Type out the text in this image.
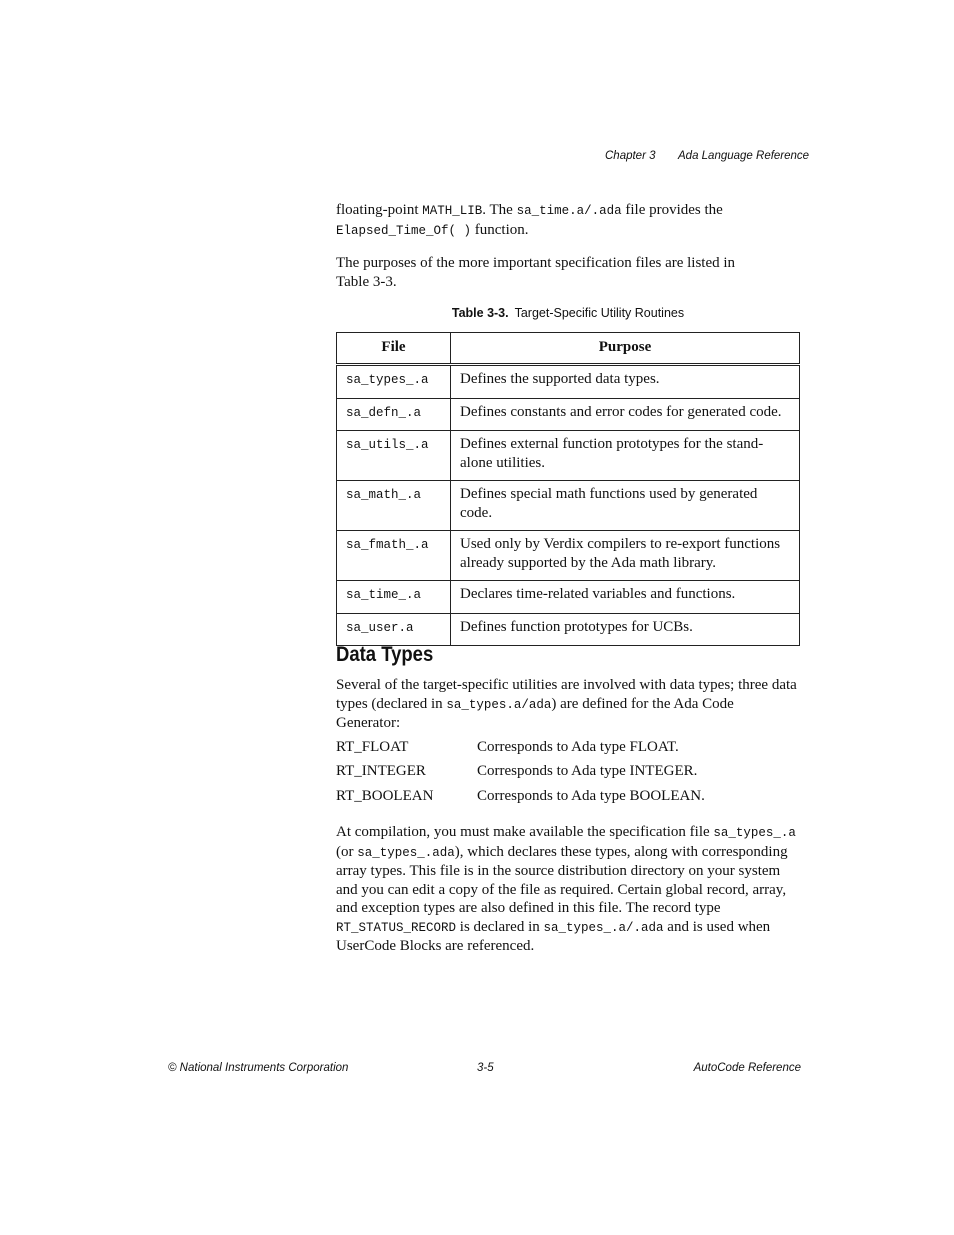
Chapter 3 Ada Language Reference

floating-point MATH_LIB. The sa_time.a/.ada file provides the
Elapsed_Time_Of( ) function.

The purposes of the more important specification files are listed in Table 3-3.

Table 3-3. Target-Specific Utility Routines
File	Purpose
sa_types_.a	Defines the supported data types.
sa_defn_.a	Defines constants and error codes for generated code.
sa_utils_.a	Defines external function prototypes for the stand-alone utilities.
sa_math_.a	Defines special math functions used by generated code.
sa_fmath_.a	Used only by Verdix compilers to re-export functions already supported by the Ada math library.
sa_time_.a	Declares time-related variables and functions.
sa_user.a	Defines function prototypes for UCBs.
Data Types

Several of the target-specific utilities are involved with data types; three data types (declared in sa_types.a/ada) are defined for the Ada Code Generator:

RT_FLOAT	Corresponds to Ada type FLOAT.
RT_INTEGER	Corresponds to Ada type INTEGER.
RT_BOOLEAN	Corresponds to Ada type BOOLEAN.

At compilation, you must make available the specification file sa_types_.a (or sa_types_.ada), which declares these types, along with corresponding array types. This file is in the source distribution directory on your system and you can edit a copy of the file as required. Certain global record, array, and exception types are also defined in this file. The record type RT_STATUS_RECORD is declared in sa_types_.a/.ada and is used when UserCode Blocks are referenced.

© National Instruments Corporation	3-5	AutoCode Reference
